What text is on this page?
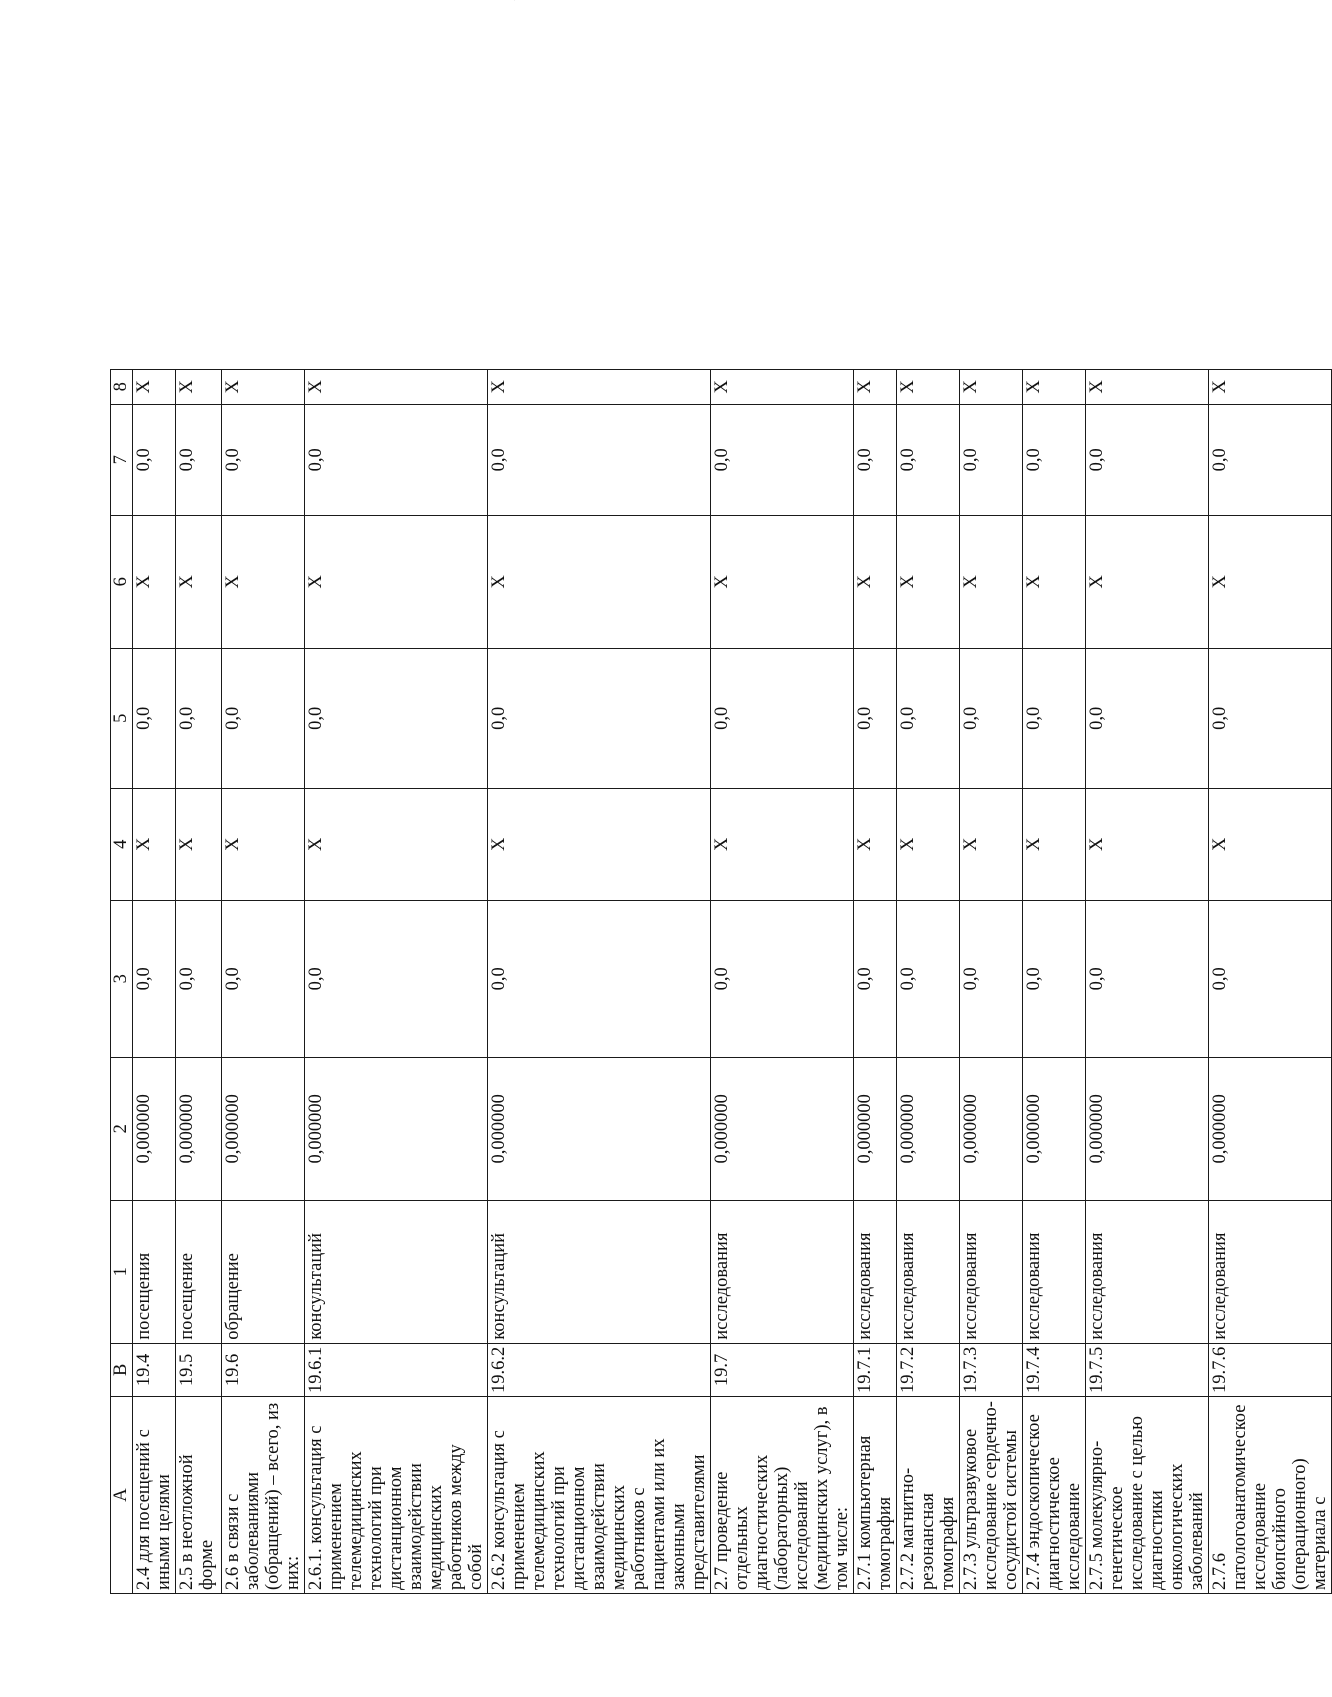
А	В	1	2	3	4	5	6	7	8
2.4 для посещений с иными целями	19.4	посещения	0,000000	0,0	Х	0,0	Х	0,0	Х
2.5 в неотложной форме	19.5	посещение	0,000000	0,0	Х	0,0	Х	0,0	Х
2.6 в связи с заболеваниями (обращений) – всего, из них:	19.6	обращение	0,000000	0,0	Х	0,0	Х	0,0	Х
2.6.1. консультация с применением телемедицинских технологий при дистанционном взаимодействии медицинских работников между собой	19.6.1	консультаций	0,000000	0,0	Х	0,0	Х	0,0	Х
2.6.2 консультация с применением телемедицинских технологий при дистанционном взаимодействии медицинских работников с пациентами или их законными представителями	19.6.2	консультаций	0,000000	0,0	Х	0,0	Х	0,0	Х
2.7 проведение отдельных диагностических (лабораторных) исследований (медицинских услуг), в том числе:	19.7	исследования	0,000000	0,0	Х	0,0	Х	0,0	Х
2.7.1 компьютерная томография	19.7.1	исследования	0,000000	0,0	Х	0,0	Х	0,0	Х
2.7.2 магнитно-резонансная томография	19.7.2	исследования	0,000000	0,0	Х	0,0	Х	0,0	Х
2.7.3 ультразвуковое исследование сердечно-сосудистой системы	19.7.3	исследования	0,000000	0,0	Х	0,0	Х	0,0	Х
2.7.4 эндоскопическое диагностическое исследование	19.7.4	исследования	0,000000	0,0	Х	0,0	Х	0,0	Х
2.7.5 молекулярно-генетическое исследование с целью диагностики онкологических заболеваний	19.7.5	исследования	0,000000	0,0	Х	0,0	Х	0,0	Х
2.7.6 патологоанатомическое исследование биопсийного (операционного) материала с	19.7.6	исследования	0,000000	0,0	Х	0,0	Х	0,0	Х
